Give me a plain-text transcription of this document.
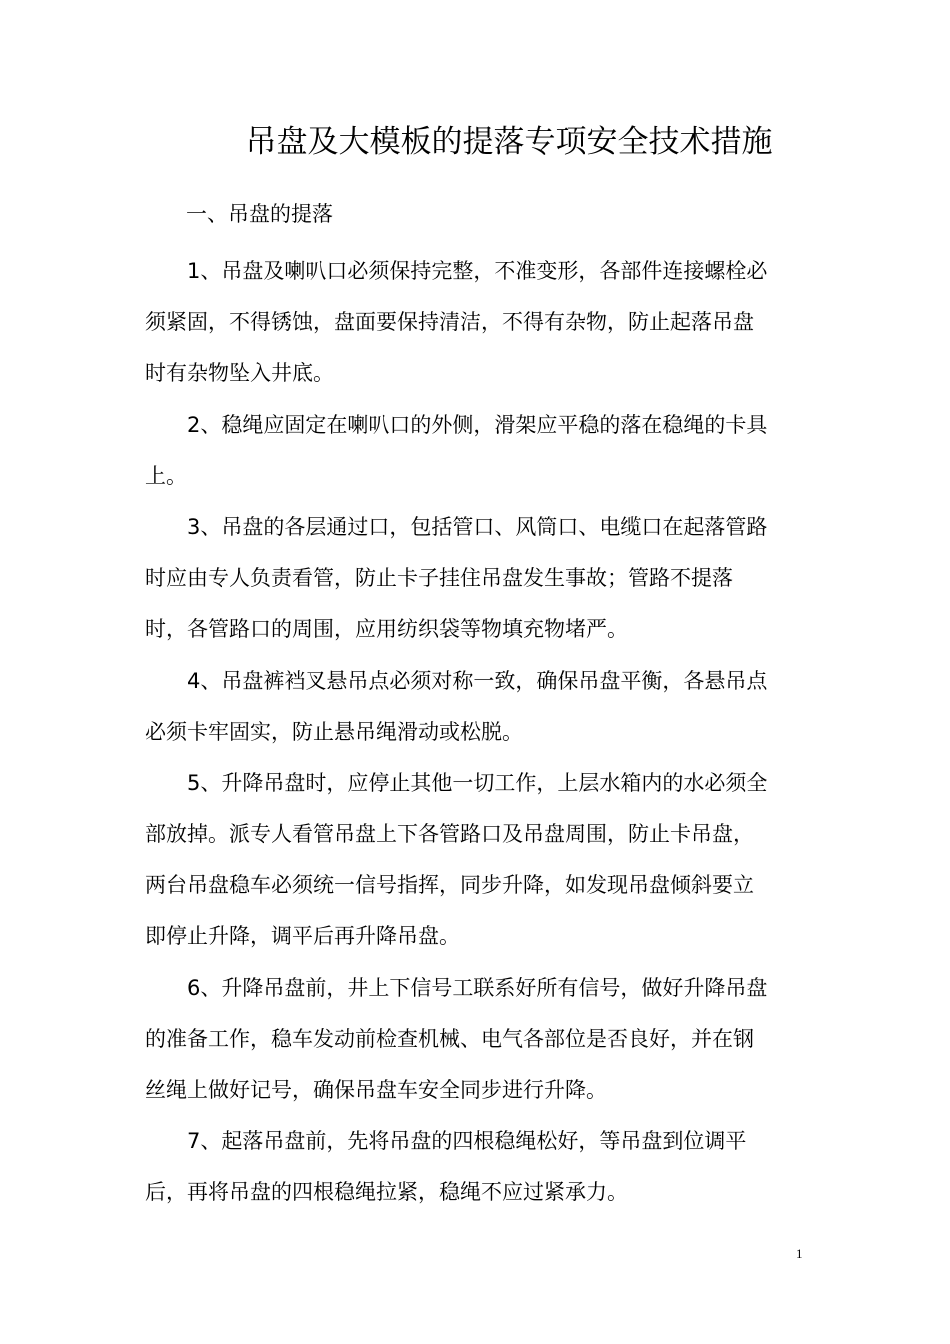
吊盘及大模板的提落专项安全技术措施
一、吊盘的提落
1、吊盘及喇叭口必须保持完整，不准变形，各部件连接螺栓必
须紧固，不得锈蚀，盘面要保持清洁，不得有杂物，防止起落吊盘
时有杂物坠入井底。
2、稳绳应固定在喇叭口的外侧，滑架应平稳的落在稳绳的卡具
上。
3、吊盘的各层通过口，包括管口、风筒口、电缆口在起落管路
时应由专人负责看管，防止卡子挂住吊盘发生事故；管路不提落
时，各管路口的周围，应用纺织袋等物填充物堵严。
4、吊盘裤裆叉悬吊点必须对称一致，确保吊盘平衡，各悬吊点
必须卡牢固实，防止悬吊绳滑动或松脱。
5、升降吊盘时，应停止其他一切工作，上层水箱内的水必须全
部放掉。派专人看管吊盘上下各管路口及吊盘周围，防止卡吊盘，
两台吊盘稳车必须统一信号指挥，同步升降，如发现吊盘倾斜要立
即停止升降，调平后再升降吊盘。
6、升降吊盘前，井上下信号工联系好所有信号，做好升降吊盘
的准备工作，稳车发动前检查机械、电气各部位是否良好，并在钢
丝绳上做好记号，确保吊盘车安全同步进行升降。
7、起落吊盘前，先将吊盘的四根稳绳松好，等吊盘到位调平
后，再将吊盘的四根稳绳拉紧，稳绳不应过紧承力。
1
